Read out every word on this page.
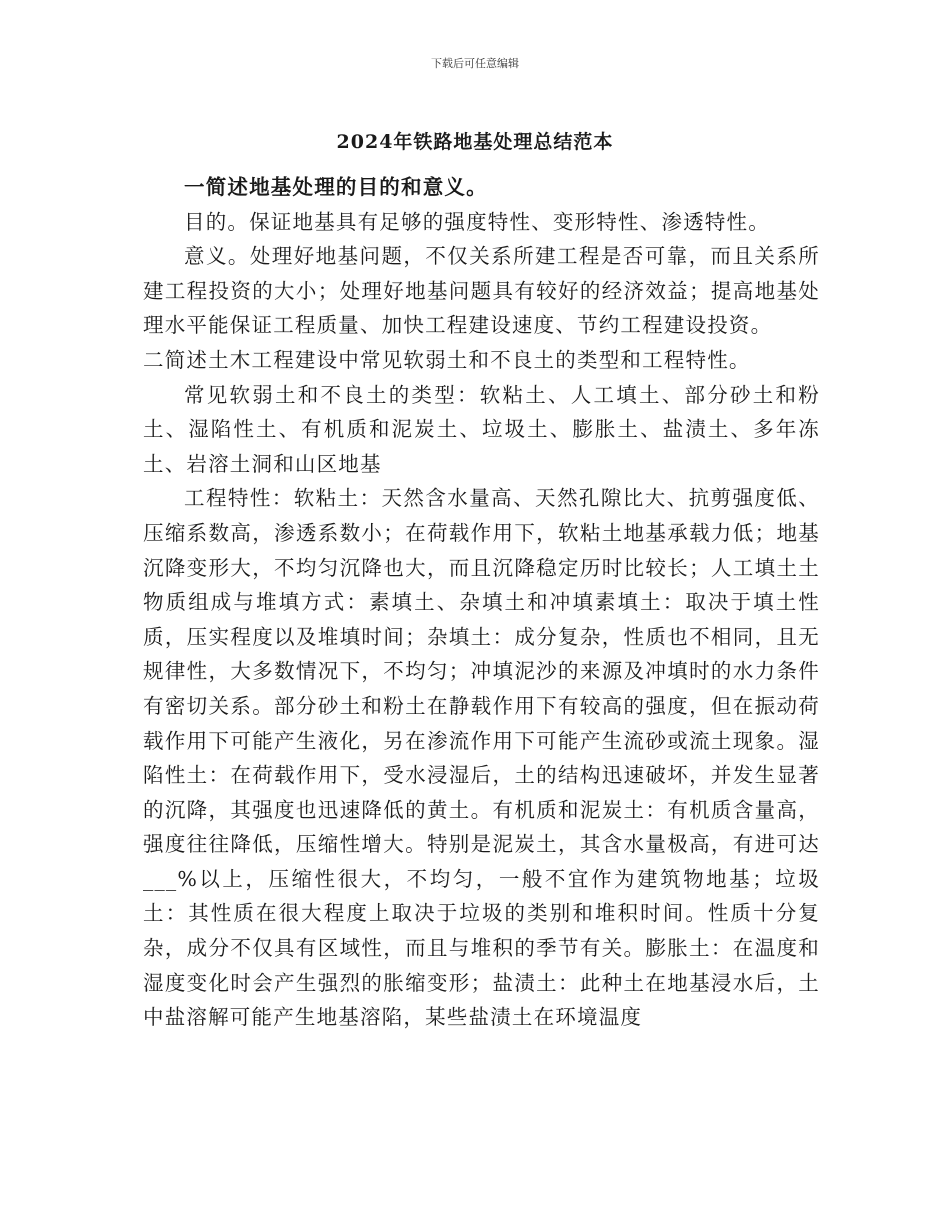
下载后可任意编辑
2024年铁路地基处理总结范本

一简述地基处理的目的和意义。

目的。保证地基具有足够的强度特性、变形特性、渗透特性。

意义。处理好地基问题，不仅关系所建工程是否可靠，而且关系所建工程投资的大小；处理好地基问题具有较好的经济效益；提高地基处理水平能保证工程质量、加快工程建设速度、节约工程建设投资。

二简述土木工程建设中常见软弱土和不良土的类型和工程特性。

常见软弱土和不良土的类型：软粘土、人工填土、部分砂土和粉土、湿陷性土、有机质和泥炭土、垃圾土、膨胀土、盐渍土、多年冻土、岩溶土洞和山区地基

工程特性：软粘土：天然含水量高、天然孔隙比大、抗剪强度低、压缩系数高，渗透系数小；在荷载作用下，软粘土地基承载力低；地基沉降变形大，不均匀沉降也大，而且沉降稳定历时比较长；人工填土土物质组成与堆填方式：素填土、杂填土和冲填素填土：取决于填土性质，压实程度以及堆填时间；杂填土：成分复杂，性质也不相同，且无规律性，大多数情况下，不均匀；冲填泥沙的来源及冲填时的水力条件有密切关系。部分砂土和粉土在静载作用下有较高的强度，但在振动荷载作用下可能产生液化，另在渗流作用下可能产生流砂或流土现象。湿陷性土：在荷载作用下，受水浸湿后，土的结构迅速破坏，并发生显著的沉降，其强度也迅速降低的黄土。有机质和泥炭土：有机质含量高，强度往往降低，压缩性增大。特别是泥炭土，其含水量极高，有进可达___%以上，压缩性很大，不均匀，一般不宜作为建筑物地基；垃圾土：其性质在很大程度上取决于垃圾的类别和堆积时间。性质十分复杂，成分不仅具有区域性，而且与堆积的季节有关。膨胀土：在温度和湿度变化时会产生强烈的胀缩变形；盐渍土：此种土在地基浸水后，土中盐溶解可能产生地基溶陷，某些盐渍土在环境温度
